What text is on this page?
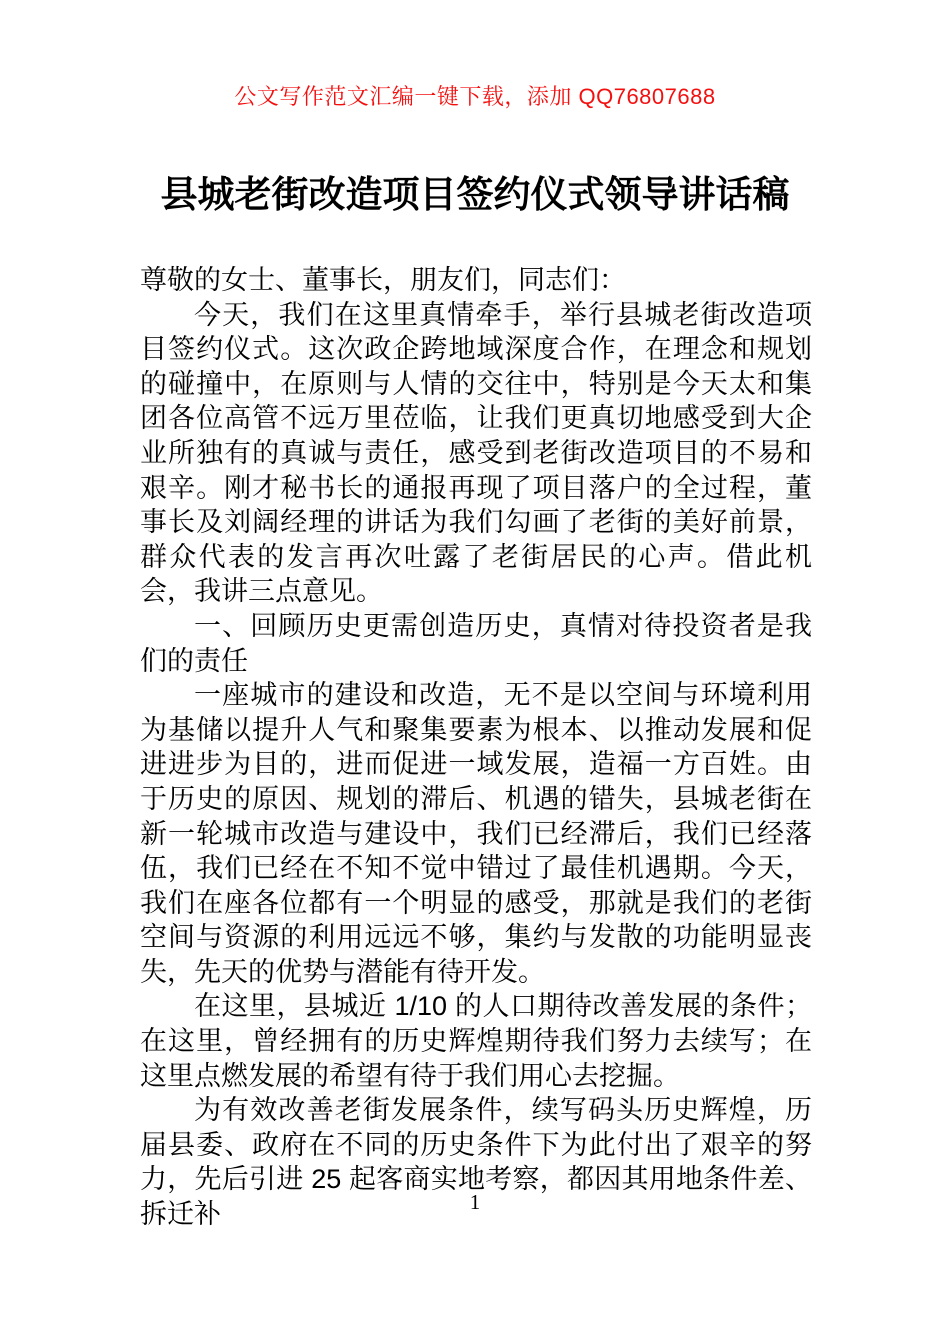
公文写作范文汇编一键下载，添加 QQ76807688
县城老街改造项目签约仪式领导讲话稿

尊敬的女士、董事长，朋友们，同志们：

今天，我们在这里真情牵手，举行县城老街改造项目签约仪式。这次政企跨地域深度合作，在理念和规划的碰撞中，在原则与人情的交往中，特别是今天太和集团各位高管不远万里莅临，让我们更真切地感受到大企业所独有的真诚与责任，感受到老街改造项目的不易和艰辛。刚才秘书长的通报再现了项目落户的全过程，董事长及刘阔经理的讲话为我们勾画了老街的美好前景，群众代表的发言再次吐露了老街居民的心声。借此机会，我讲三点意见。

一、回顾历史更需创造历史，真情对待投资者是我们的责任

一座城市的建设和改造，无不是以空间与环境利用为基储以提升人气和聚集要素为根本、以推动发展和促进进步为目的，进而促进一域发展，造福一方百姓。由于历史的原因、规划的滞后、机遇的错失，县城老街在新一轮城市改造与建设中，我们已经滞后，我们已经落伍，我们已经在不知不觉中错过了最佳机遇期。今天，我们在座各位都有一个明显的感受，那就是我们的老街空间与资源的利用远远不够，集约与发散的功能明显丧失，先天的优势与潜能有待开发。

在这里，县城近 1/10 的人口期待改善发展的条件；在这里，曾经拥有的历史辉煌期待我们努力去续写；在这里点燃发展的希望有待于我们用心去挖掘。

为有效改善老街发展条件，续写码头历史辉煌，历届县委、政府在不同的历史条件下为此付出了艰辛的努力，先后引进 25 起客商实地考察，都因其用地条件差、拆迁补	1
